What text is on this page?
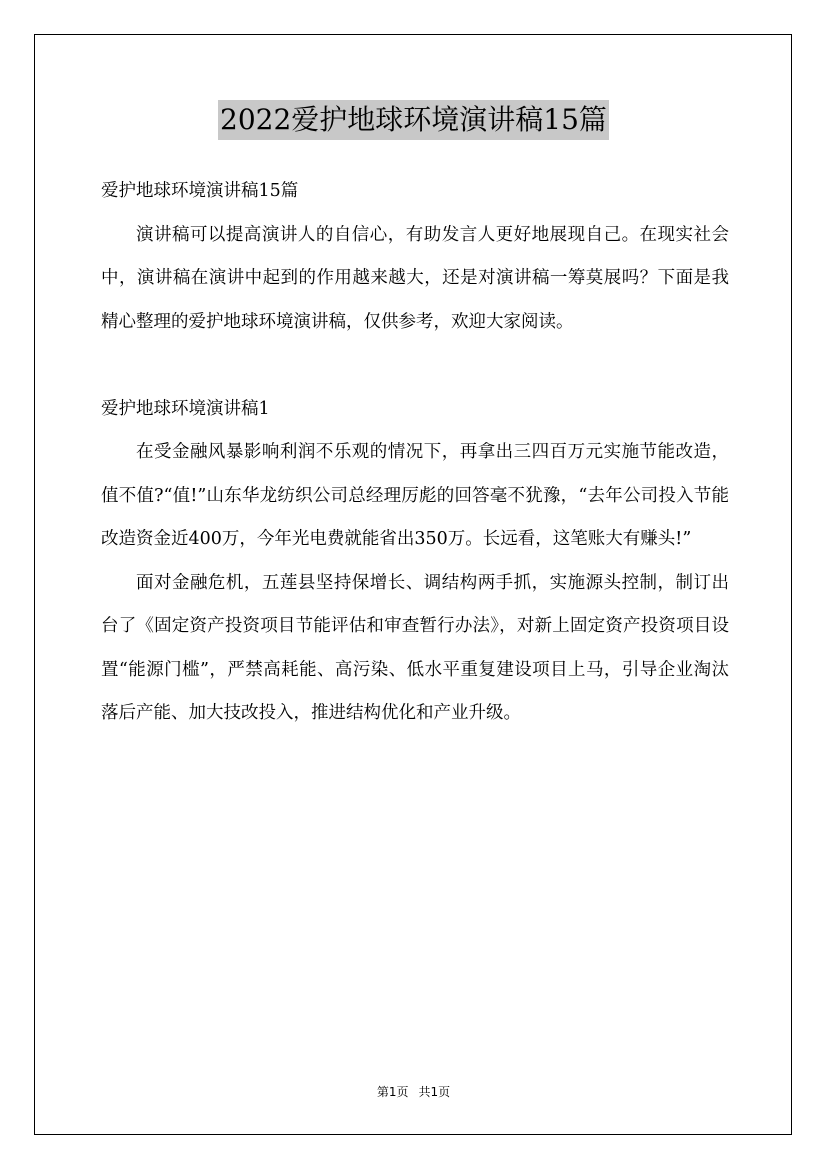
2022爱护地球环境演讲稿15篇

爱护地球环境演讲稿15篇

演讲稿可以提高演讲人的自信心，有助发言人更好地展现自己。在现实社会中，演讲稿在演讲中起到的作用越来越大，还是对演讲稿一筹莫展吗？下面是我精心整理的爱护地球环境演讲稿，仅供参考，欢迎大家阅读。

爱护地球环境演讲稿1

在受金融风暴影响利润不乐观的情况下，再拿出三四百万元实施节能改造，值不值?“值!”山东华龙纺织公司总经理厉彪的回答毫不犹豫，“去年公司投入节能改造资金近400万，今年光电费就能省出350万。长远看，这笔账大有赚头!”

面对金融危机，五莲县坚持保增长、调结构两手抓，实施源头控制，制订出台了《固定资产投资项目节能评估和审查暂行办法》，对新上固定资产投资项目设置“能源门槛”，严禁高耗能、高污染、低水平重复建设项目上马，引导企业淘汰落后产能、加大技改投入，推进结构优化和产业升级。

第1页 共1页
